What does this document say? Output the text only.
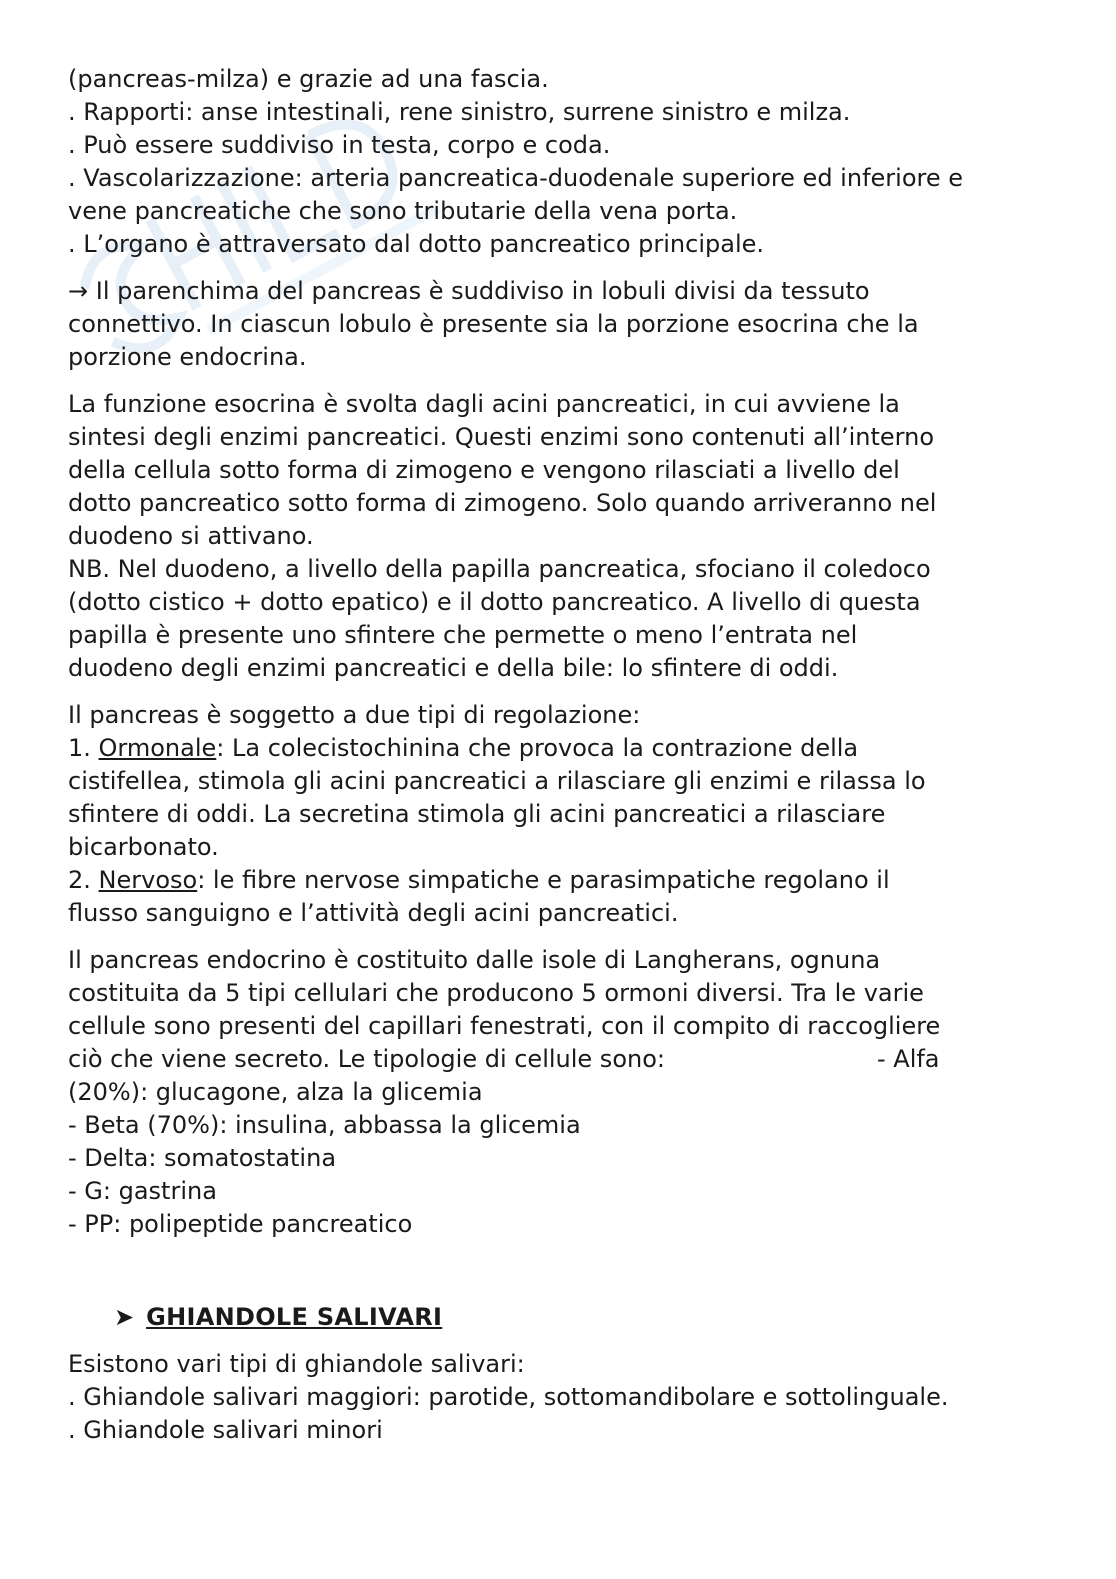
(pancreas-milza) e grazie ad una fascia.
. Rapporti: anse intestinali, rene sinistro, surrene sinistro e milza.
. Può essere suddiviso in testa, corpo e coda.
. Vascolarizzazione: arteria pancreatica-duodenale superiore ed inferiore e
vene pancreatiche che sono tributarie della vena porta.
. L’organo è attraversato dal dotto pancreatico principale.
→ Il parenchima del pancreas è suddiviso in lobuli divisi da tessuto
connettivo. In ciascun lobulo è presente sia la porzione esocrina che la
porzione endocrina.
La funzione esocrina è svolta dagli acini pancreatici, in cui avviene la
sintesi degli enzimi pancreatici. Questi enzimi sono contenuti all’interno
della cellula sotto forma di zimogeno e vengono rilasciati a livello del
dotto pancreatico sotto forma di zimogeno. Solo quando arriveranno nel
duodeno si attivano.
NB. Nel duodeno, a livello della papilla pancreatica, sfociano il coledoco
(dotto cistico + dotto epatico) e il dotto pancreatico. A livello di questa
papilla è presente uno sfintere che permette o meno l’entrata nel
duodeno degli enzimi pancreatici e della bile: lo sfintere di oddi.
Il pancreas è soggetto a due tipi di regolazione:
1. Ormonale: La colecistochinina che provoca la contrazione della
cistifellea, stimola gli acini pancreatici a rilasciare gli enzimi e rilassa lo
sfintere di oddi. La secretina stimola gli acini pancreatici a rilasciare
bicarbonato.
2. Nervoso: le fibre nervose simpatiche e parasimpatiche regolano il
flusso sanguigno e l’attività degli acini pancreatici.
Il pancreas endocrino è costituito dalle isole di Langherans, ognuna
costituita da 5 tipi cellulari che producono 5 ormoni diversi. Tra le varie
cellule sono presenti del capillari fenestrati, con il compito di raccogliere
ciò che viene secreto. Le tipologie di cellule sono:	- Alfa
(20%): glucagone, alza la glicemia
- Beta (70%): insulina, abbassa la glicemia
- Delta: somatostatina
- G: gastrina
- PP: polipeptide pancreatico
➤ GHIANDOLE SALIVARI
Esistono vari tipi di ghiandole salivari:
. Ghiandole salivari maggiori: parotide, sottomandibolare e sottolinguale.
. Ghiandole salivari minori
